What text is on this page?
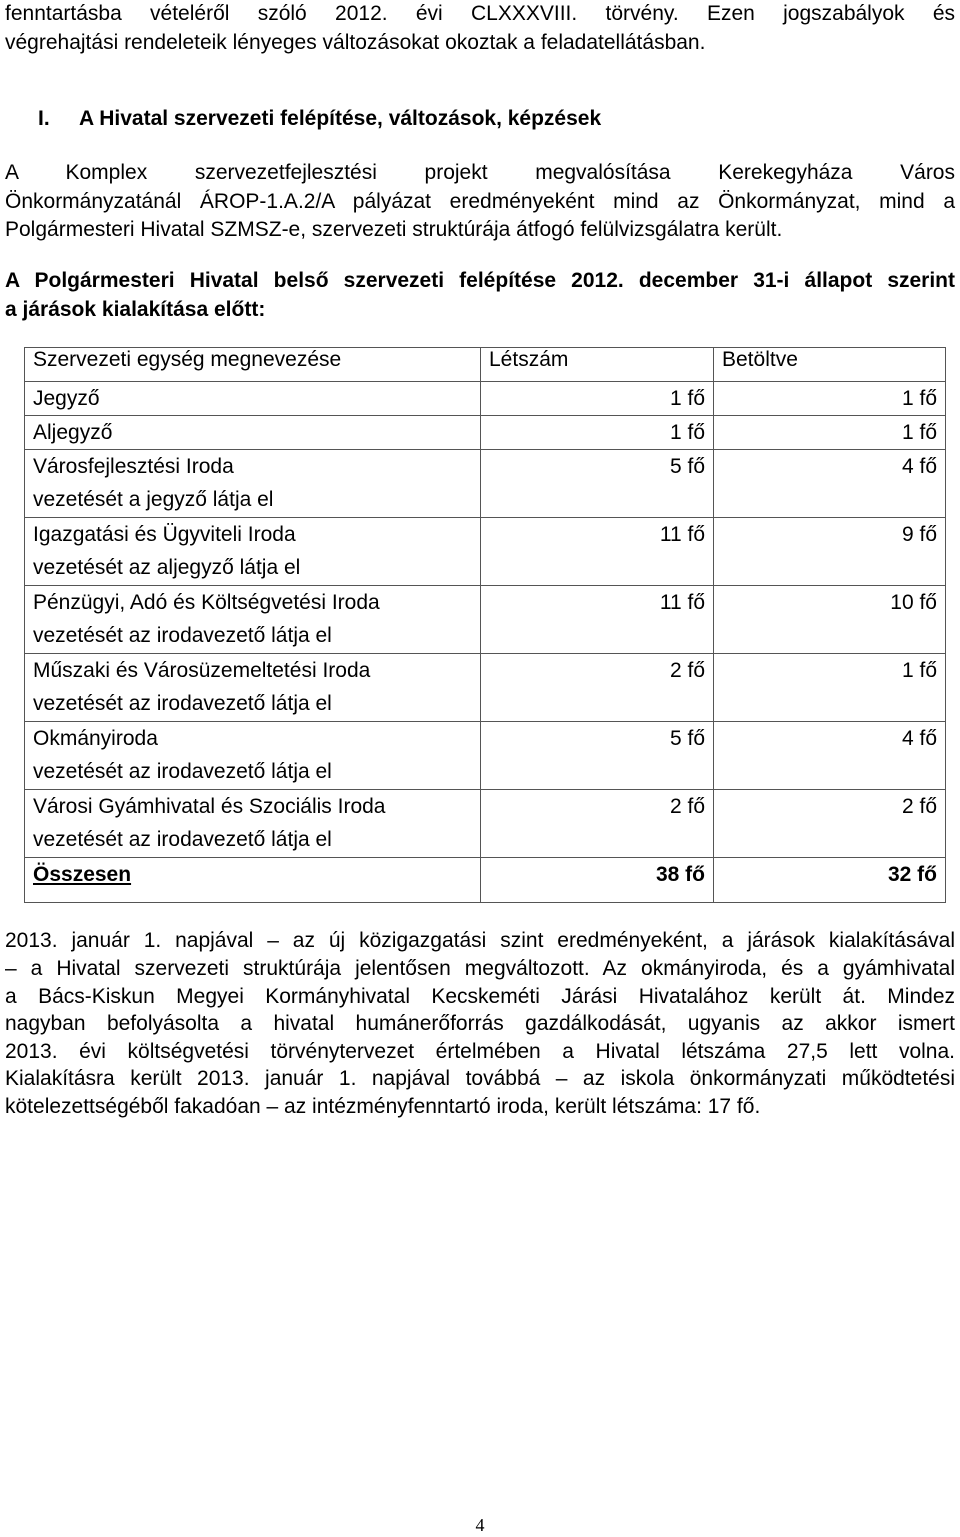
fenntartásba vételéről szóló 2012. évi CLXXXVIII. törvény. Ezen jogszabályok és
végrehajtási rendeleteik lényeges változásokat okoztak a feladatellátásban.
I. A Hivatal szervezeti felépítése, változások, képzések
A Komplex szervezetfejlesztési projekt megvalósítása Kerekegyháza Város
Önkormányzatánál ÁROP-1.A.2/A pályázat eredményeként mind az Önkormányzat, mind a
Polgármesteri Hivatal SZMSZ-e, szervezeti struktúrája átfogó felülvizsgálatra került.
A Polgármesteri Hivatal belső szervezeti felépítése 2012. december 31-i állapot szerint
a járások kialakítása előtt:
Szervezeti egység megnevezése	Létszám	Betöltve
Jegyző	1 fő	1 fő
Aljegyző	1 fő	1 fő

Városfejlesztési Iroda
vezetését a jegyző látja el	5 fő	4 fő

Igazgatási és Ügyviteli Iroda
vezetését az aljegyző látja el	11 fő	9 fő

Pénzügyi, Adó és Költségvetési Iroda
vezetését az irodavezető látja el	11 fő	10 fő

Műszaki és Városüzemeltetési Iroda
vezetését az irodavezető látja el	2 fő	1 fő

Okmányiroda
vezetését az irodavezető látja el	5 fő	4 fő

Városi Gyámhivatal és Szociális Iroda
vezetését az irodavezető látja el	2 fő	2 fő
Összesen	38 fő	32 fő
2013. január 1. napjával – az új közigazgatási szint eredményeként, a járások kialakításával
– a Hivatal szervezeti struktúrája jelentősen megváltozott. Az okmányiroda, és a gyámhivatal
a Bács-Kiskun Megyei Kormányhivatal Kecskeméti Járási Hivatalához került át. Mindez
nagyban befolyásolta a hivatal humánerőforrás gazdálkodását, ugyanis az akkor ismert
2013. évi költségvetési törvénytervezet értelmében a Hivatal létszáma 27,5 lett volna.
Kialakításra került 2013. január 1. napjával továbbá – az iskola önkormányzati működtetési
kötelezettségéből fakadóan – az intézményfenntartó iroda, került létszáma: 17 fő.
4
